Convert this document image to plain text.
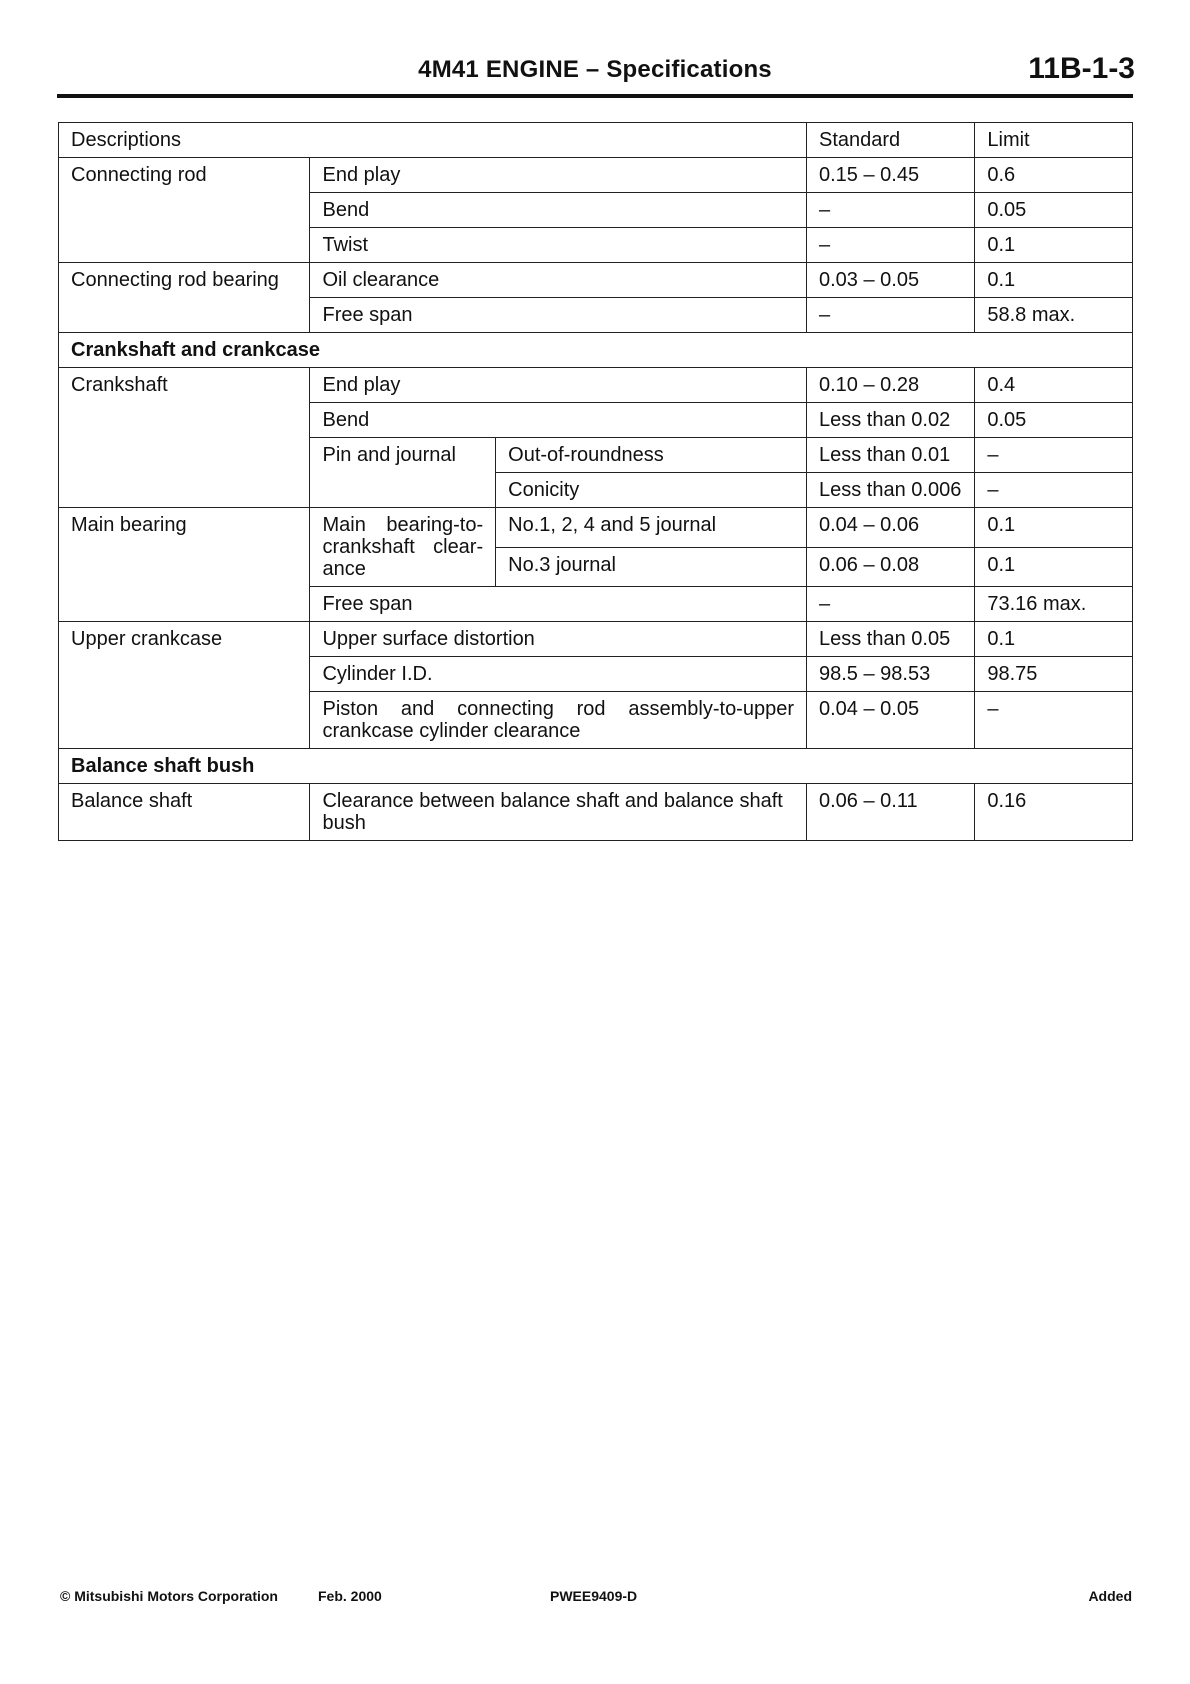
4M41 ENGINE – Specifications	11B-1-3
Descriptions			Standard	Limit
Connecting rod	End play		0.15 – 0.45	0.6
	Bend		–	0.05
	Twist		–	0.1
Connecting rod bearing	Oil clearance		0.03 – 0.05	0.1
	Free span		–	58.8 max.
Crankshaft and crankcase				
Crankshaft	End play		0.10 – 0.28	0.4
	Bend		Less than 0.02	0.05
	Pin and journal	Out-of-roundness	Less than 0.01	–
		Conicity	Less than 0.006	–
Main bearing	Main bearing-to-crankshaft clear-ance	No.1, 2, 4 and 5 journal	0.04 – 0.06	0.1
		No.3 journal	0.06 – 0.08	0.1
	Free span		–	73.16 max.
Upper crankcase	Upper surface distortion		Less than 0.05	0.1
	Cylinder I.D.		98.5 – 98.53	98.75
	Piston and connecting rod assembly-to-upper crankcase cylinder clearance		0.04 – 0.05	–
Balance shaft bush				
Balance shaft	Clearance between balance shaft and balance shaft bush		0.06 – 0.11	0.16
© Mitsubishi Motors Corporation	Feb. 2000	PWEE9409-D	Added
